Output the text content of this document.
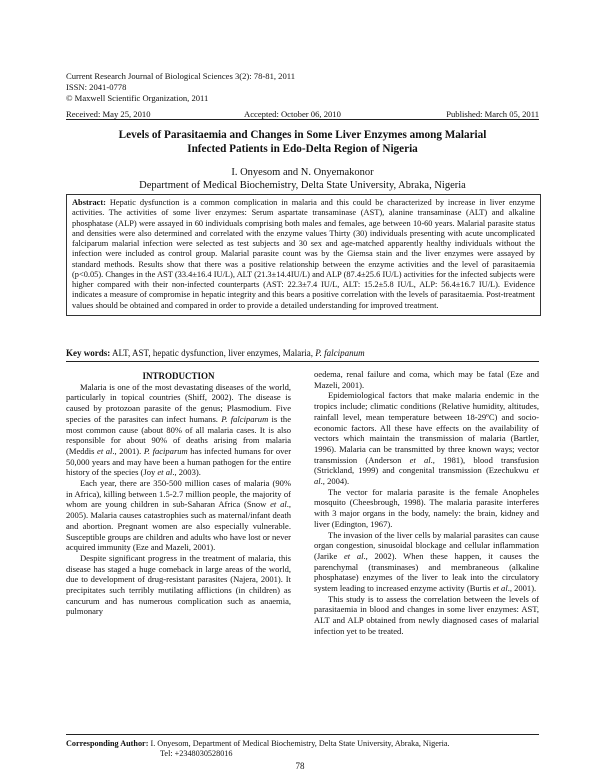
Current Research Journal of Biological Sciences 3(2): 78-81, 2011
ISSN: 2041-0778
© Maxwell Scientific Organization, 2011
Received: May 25, 2010	Accepted: October 06, 2010	Published: March 05, 2011
Levels of Parasitaemia and Changes in Some Liver Enzymes among Malarial
Infected Patients in Edo-Delta Region of Nigeria
I. Onyesom and N. Onyemakonor
Department of Medical Biochemistry, Delta State University, Abraka, Nigeria
Abstract: Hepatic dysfunction is a common complication in malaria and this could be characterized by increase in liver enzyme activities. The activities of some liver enzymes: Serum aspartate transaminase (AST), alanine transaminase (ALT) and alkaline phosphatase (ALP) were assayed in 60 individuals comprising both males and females, age between 10-60 years. Malarial parasite status and densities were also determined and correlated with the enzyme values Thirty (30) individuals presenting with acute uncomplicated falciparum malarial infection were selected as test subjects and 30 sex and age-matched apparently healthy individuals without the infection were included as control group. Malarial parasite count was by the Giemsa stain and the liver enzymes were assayed by standard methods. Results show that there was a positive relationship between the enzyme activities and the level of parasitaemia (p<0.05). Changes in the AST (33.4±16.4 IU/L), ALT (21.3±14.4IU/L) and ALP (87.4±25.6 IU/L) activities for the infected subjects were higher compared with their non-infected counterparts (AST: 22.3±7.4 IU/L, ALT: 15.2±5.8 IU/L, ALP: 56.4±16.7 IU/L). Evidence indicates a measure of compromise in hepatic integrity and this bears a positive correlation with the levels of parasitaemia. Post-treatment values should be obtained and compared in order to provide a detailed understanding for improved treatment.
Key words: ALT, AST, hepatic dysfunction, liver enzymes, Malaria, P. falcipanum

INTRODUCTION

Malaria is one of the most devastating diseases of the world, particularly in topical countries (Shiff, 2002). The disease is caused by protozoan parasite of the genus; Plasmodium. Five species of the parasites can infect humans. P. falciparum is the most common cause (about 80% of all malaria cases. It is also responsible for about 90% of deaths arising from malaria (Meddis et al., 2001). P. faciparum has infected humans for over 50,000 years and may have been a human pathogen for the entire history of the species (Joy et al., 2003).

Each year, there are 350-500 million cases of malaria (90% in Africa), killing between 1.5-2.7 million people, the majority of whom are young children in sub-Saharan Africa (Snow et al., 2005). Malaria causes catastrophies such as maternal/infant death and abortion. Pregnant women are also especially vulnerable. Susceptible groups are children and adults who have lost or never acquired immunity (Eze and Mazeli, 2001).

Despite significant progress in the treatment of malaria, this disease has staged a huge comeback in large areas of the world, due to development of drug-resistant parasites (Najera, 2001). It precipitates such terribly mutilating afflictions (in children) as cancurum and has numerous complication such as anaemia, pulmonary

oedema, renal failure and coma, which may be fatal (Eze and Mazeli, 2001).

Epidemiological factors that make malaria endemic in the tropics include; climatic conditions (Relative humidity, altitudes, rainfall level, mean temperature between 18-29ºC) and socio-economic factors. All these have effects on the availability of vectors which maintain the transmission of malaria (Bartler, 1996). Malaria can be transmitted by three known ways; vector transmission (Anderson et al., 1981), blood transfusion (Strickland, 1999) and congenital transmission (Ezechukwu et al., 2004).

The vector for malaria parasite is the female Anopheles mosquito (Cheesbrough, 1998). The malaria parasite interferes with 3 major organs in the body, namely: the brain, kidney and liver (Edington, 1967).

The invasion of the liver cells by malarial parasites can cause organ congestion, sinusoidal blockage and cellular inflammation (Jarike et al., 2002). When these happen, it causes the parenchymal (transminases) and membraneous (alkaline phosphatase) enzymes of the liver to leak into the circulatory system leading to increased enzyme activity (Burtis et al., 2001).

This study is to assess the correlation between the levels of parasitaemia in blood and changes in some liver enzymes: AST, ALT and ALP obtained from newly diagnosed cases of malarial infection yet to be treated.

Corresponding Author: I. Onyesom, Department of Medical Biochemistry, Delta State University, Abraka, Nigeria.
Tel: +2348030528016
78
